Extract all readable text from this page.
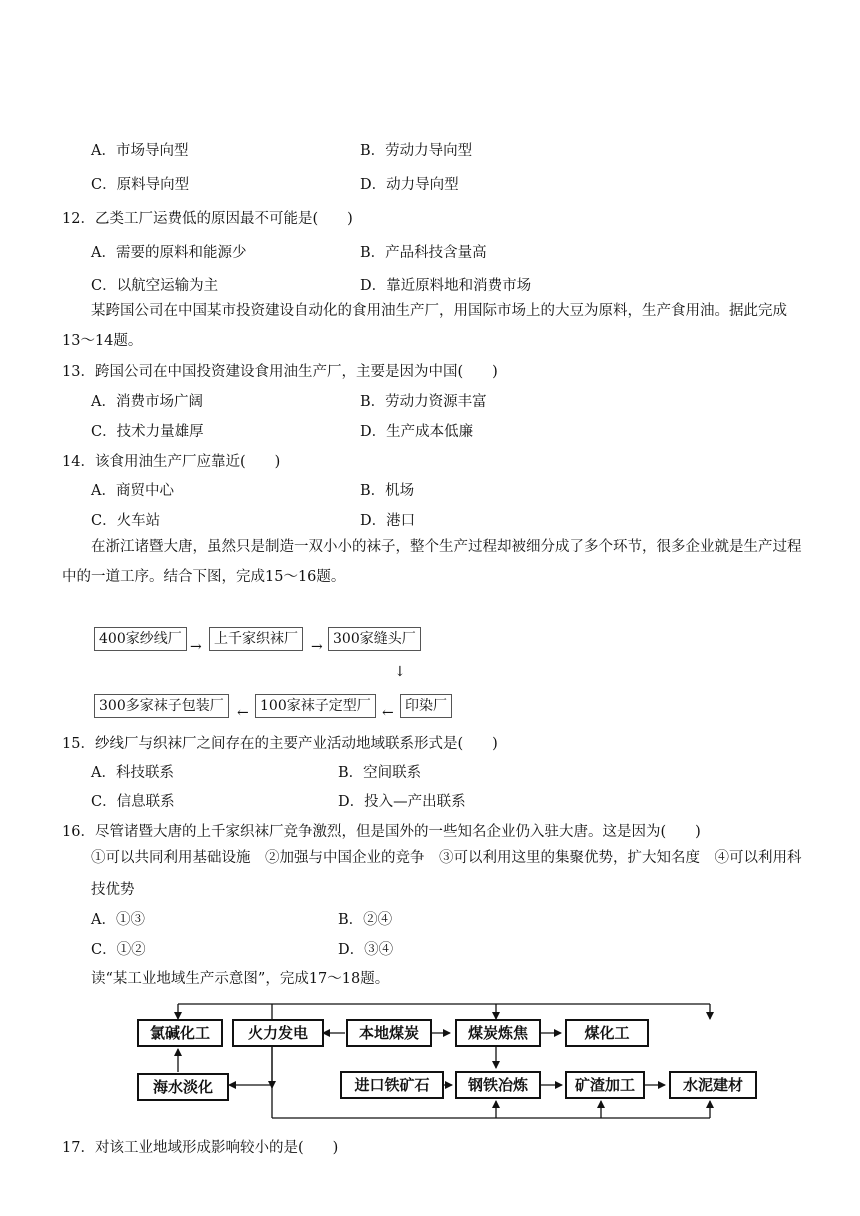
A．市场导向型	B．劳动力导向型
C．原料导向型	D．动力导向型
12．乙类工厂运费低的原因最不可能是(　　)
A．需要的原料和能源少	B．产品科技含量高
C．以航空运输为主	D．靠近原料地和消费市场
某跨国公司在中国某市投资建设自动化的食用油生产厂，用国际市场上的大豆为原料，生产食用油。据此完成13～14题。
13．跨国公司在中国投资建设食用油生产厂，主要是因为中国(　　)
A．消费市场广阔	B．劳动力资源丰富
C．技术力量雄厚	D．生产成本低廉
14．该食用油生产厂应靠近(　　)
A．商贸中心	B．机场
C．火车站	D．港口
在浙江诸暨大唐，虽然只是制造一双小小的袜子，整个生产过程却被细分成了多个环节，很多企业就是生产过程中的一道工序。结合下图，完成15～16题。
400家纱线厂 → 上千家织袜厂 → 300家缝头厂
↓
300多家袜子包装厂 ← 100家袜子定型厂 ← 印染厂
15．纱线厂与织袜厂之间存在的主要产业活动地域联系形式是(　　)
A．科技联系	B．空间联系
C．信息联系	D．投入—产出联系
16．尽管诸暨大唐的上千家织袜厂竞争激烈，但是国外的一些知名企业仍入驻大唐。这是因为(　　)
①可以共同利用基础设施　②加强与中国企业的竞争　③可以利用这里的集聚优势，扩大知名度　④可以利用科技优势
A．①③	B．②④
C．①②	D．③④
读“某工业地域生产示意图”，完成17～18题。
氯碱化工	火力发电	本地煤炭	煤炭炼焦	煤化工
海水淡化	进口铁矿石	钢铁冶炼	矿渣加工	水泥建材
17．对该工业地域形成影响较小的是(　　)
